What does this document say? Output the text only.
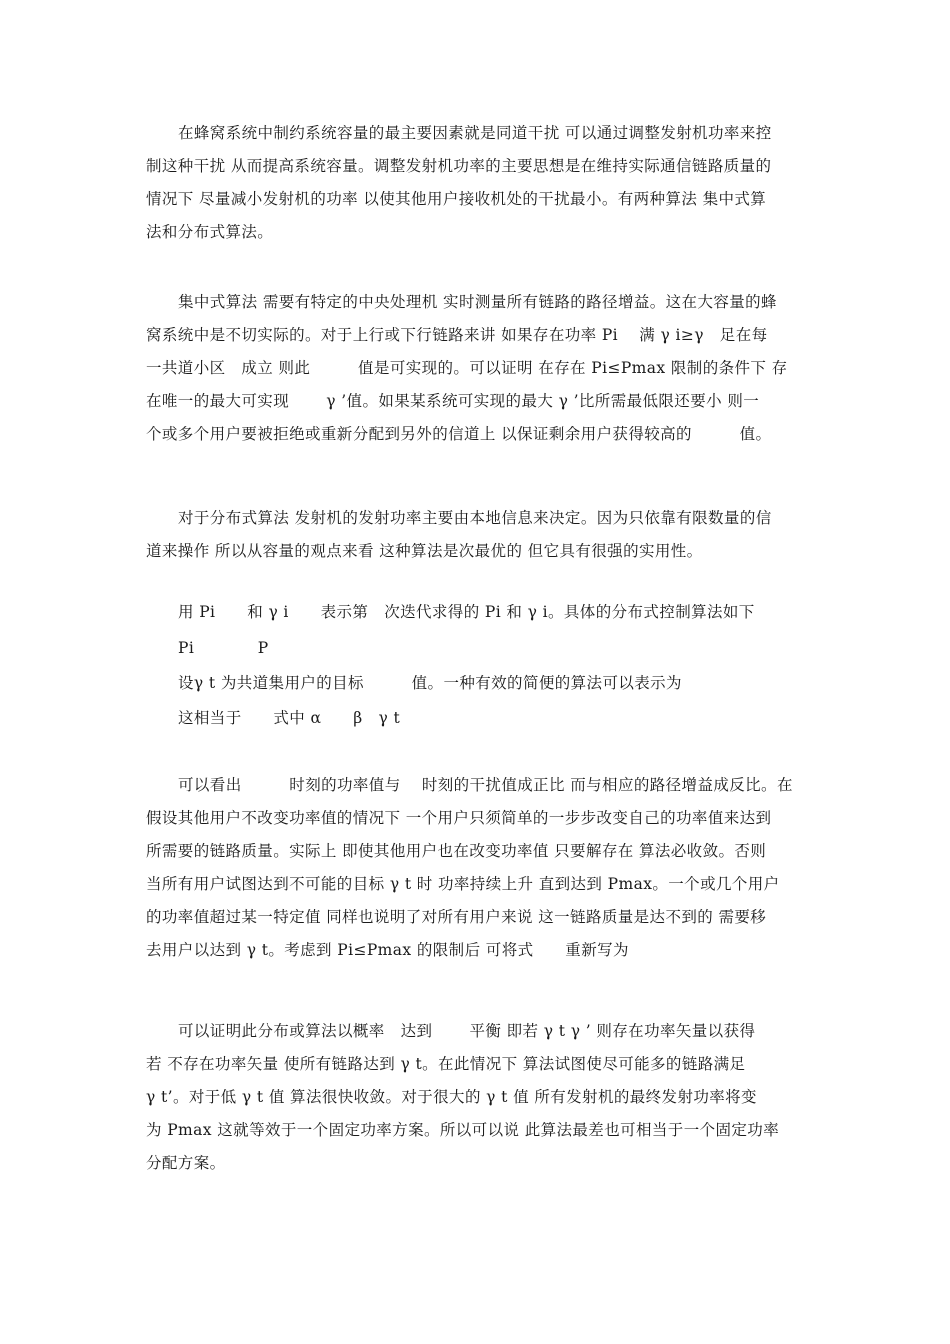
在蜂窝系统中制约系统容量的最主要因素就是同道干扰 可以通过调整发射机功率来控
制这种干扰 从而提高系统容量。调整发射机功率的主要思想是在维持实际通信链路质量的
情况下 尽量减小发射机的功率 以使其他用户接收机处的干扰最小。有两种算法 集中式算
法和分布式算法。
集中式算法 需要有特定的中央处理机 实时测量所有链路的路径增益。这在大容量的蜂
窝系统中是不切实际的。对于上行或下行链路来讲 如果存在功率 Pi　 满 γ i≥γ　足在每
一共道小区　成立 则此　　　值是可实现的。可以证明 在存在 Pi≤Pmax 限制的条件下 存
在唯一的最大可实现　　 γ ’值。如果某系统可实现的最大 γ ’比所需最低限还要小 则一
个或多个用户要被拒绝或重新分配到另外的信道上 以保证剩余用户获得较高的　　　值。
对于分布式算法 发射机的发射功率主要由本地信息来决定。因为只依靠有限数量的信
道来操作 所以从容量的观点来看 这种算法是次最优的 但它具有很强的实用性。
用 Pi　　和 γ i　　表示第　次迭代求得的 Pi 和 γ i。具体的分布式控制算法如下
Pi　　　　P
设γ t 为共道集用户的目标　　　值。一种有效的简便的算法可以表示为
这相当于　　式中 α　　β　γ t
可以看出　　　时刻的功率值与　 时刻的干扰值成正比 而与相应的路径增益成反比。在
假设其他用户不改变功率值的情况下 一个用户只须简单的一步步改变自己的功率值来达到
所需要的链路质量。实际上 即使其他用户也在改变功率值 只要解存在 算法必收敛。否则
当所有用户试图达到不可能的目标 γ t 时 功率持续上升 直到达到 Pmax。一个或几个用户
的功率值超过某一特定值 同样也说明了对所有用户来说 这一链路质量是达不到的 需要移
去用户以达到 γ t。考虑到 Pi≤Pmax 的限制后 可将式　　重新写为
可以证明此分布或算法以概率　达到　　 平衡 即若 γ t γ ’ 则存在功率矢量以获得
若 不存在功率矢量 使所有链路达到 γ t。在此情况下 算法试图使尽可能多的链路满足
γ t’。对于低 γ t 值 算法很快收敛。对于很大的 γ t 值 所有发射机的最终发射功率将变
为 Pmax 这就等效于一个固定功率方案。所以可以说 此算法最差也可相当于一个固定功率
分配方案。
